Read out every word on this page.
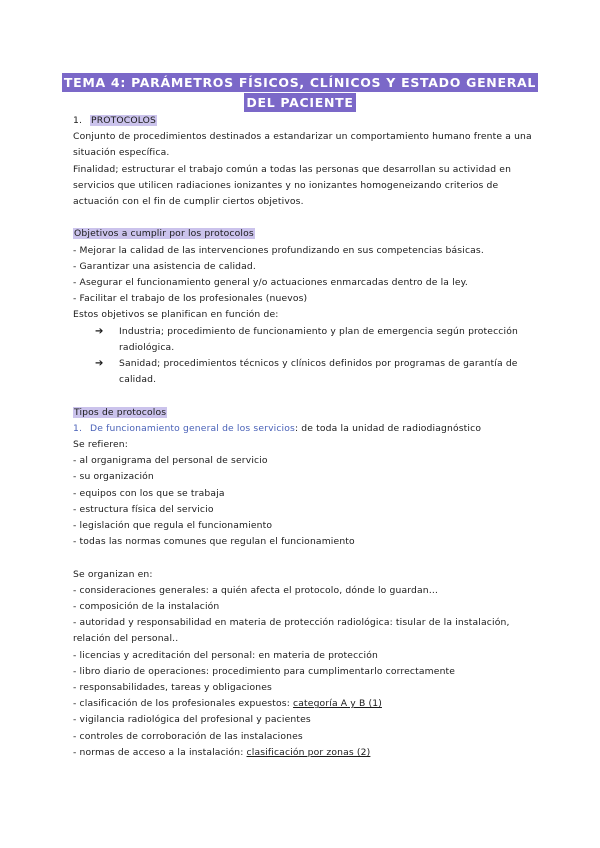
TEMA 4: PARÁMETROS FÍSICOS, CLÍNICOS Y ESTADO GENERAL
DEL PACIENTE

1. PROTOCOLOS

Conjunto de procedimientos destinados a estandarizar un comportamiento humano frente a una situación específica.

Finalidad; estructurar el trabajo común a todas las personas que desarrollan su actividad en servicios que utilicen radiaciones ionizantes y no ionizantes homogeneizando criterios de actuación con el fin de cumplir ciertos objetivos.

Objetivos a cumplir por los protocolos

- Mejorar la calidad de las intervenciones profundizando en sus competencias básicas.

- Garantizar una asistencia de calidad.

- Asegurar el funcionamiento general y/o actuaciones enmarcadas dentro de la ley.

- Facilitar el trabajo de los profesionales (nuevos)

Estos objetivos se planifican en función de:

➔ Industria; procedimiento de funcionamiento y plan de emergencia según protección radiológica.
➔ Sanidad; procedimientos técnicos y clínicos definidos por programas de garantía de calidad.

Tipos de protocolos

1. De funcionamiento general de los servicios: de toda la unidad de radiodiagnóstico

Se refieren:

- al organigrama del personal de servicio

- su organización

- equipos con los que se trabaja

- estructura física del servicio

- legislación que regula el funcionamiento

- todas las normas comunes que regulan el funcionamiento

Se organizan en:

- consideraciones generales: a quién afecta el protocolo, dónde lo guardan…

- composición de la instalación

- autoridad y responsabilidad en materia de protección radiológica: tisular de la instalación, relación del personal..

- licencias y acreditación del personal: en materia de protección

- libro diario de operaciones: procedimiento para cumplimentarlo correctamente

- responsabilidades, tareas y obligaciones

- clasificación de los profesionales expuestos: categoría A y B (1)

- vigilancia radiológica del profesional y pacientes

- controles de corroboración de las instalaciones

- normas de acceso a la instalación: clasificación por zonas (2)
